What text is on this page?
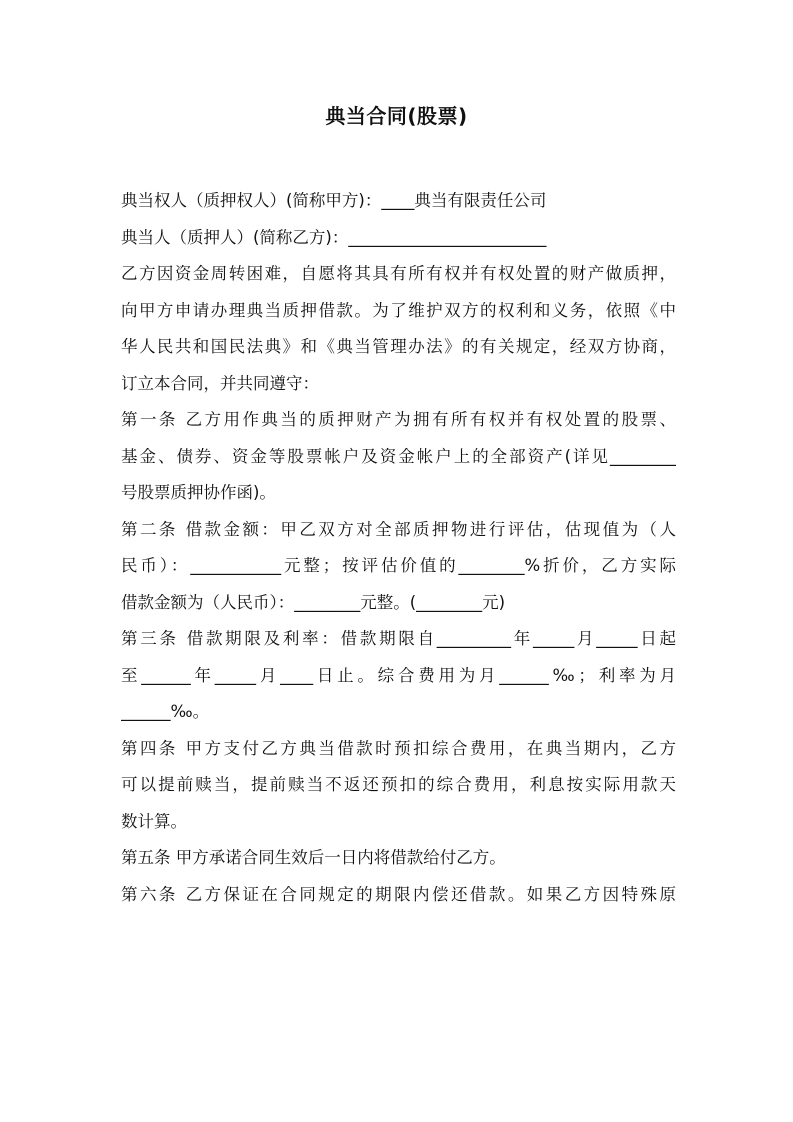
典当合同(股票)
典当权人（质押权人）(简称甲方)：____典当有限责任公司
典当人（质押人）(简称乙方)：________________________
乙方因资金周转困难，自愿将其具有所有权并有权处置的财产做质押，
向甲方申请办理典当质押借款。为了维护双方的权利和义务，依照《中
华人民共和国民法典》和《典当管理办法》的有关规定，经双方协商，
订立本合同，并共同遵守：
第一条 乙方用作典当的质押财产为拥有所有权并有权处置的股票、
基金、债券、资金等股票帐户及资金帐户上的全部资产(详见________
号股票质押协作函)。
第二条 借款金额：甲乙双方对全部质押物进行评估，估现值为（人
民币）：___________元整；按评估价值的________%折价，乙方实际
借款金额为（人民币）：________元整。(________元)
第三条 借款期限及利率：借款期限自_________年_____月_____日起
至______年_____月____日止。综合费用为月______‰；利率为月
______‰。
第四条 甲方支付乙方典当借款时预扣综合费用，在典当期内，乙方
可以提前赎当，提前赎当不返还预扣的综合费用，利息按实际用款天
数计算。
第五条 甲方承诺合同生效后一日内将借款给付乙方。
第六条 乙方保证在合同规定的期限内偿还借款。如果乙方因特殊原
